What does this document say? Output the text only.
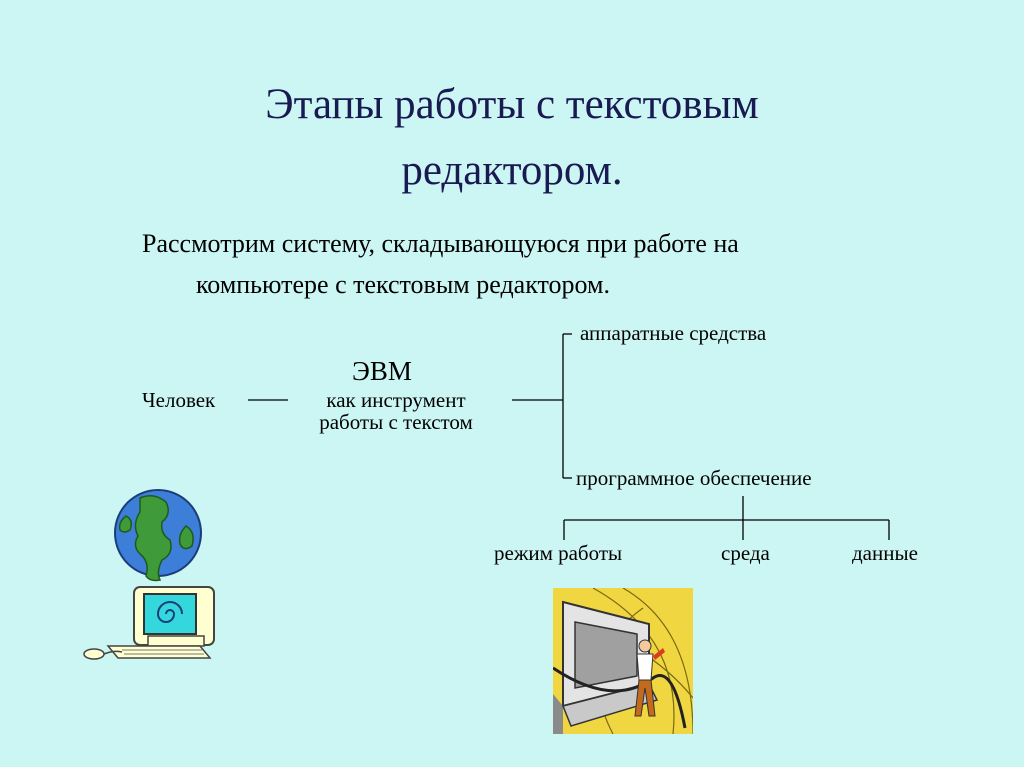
Этапы работы с текстовым
редактором.
Рассмотрим систему, складывающуюся при работе на
компьютере с текстовым редактором.
Человек
ЭВМ
как инструмент
работы с текстом
аппаратные средства
программное обеспечение
режим работы	среда	данные
